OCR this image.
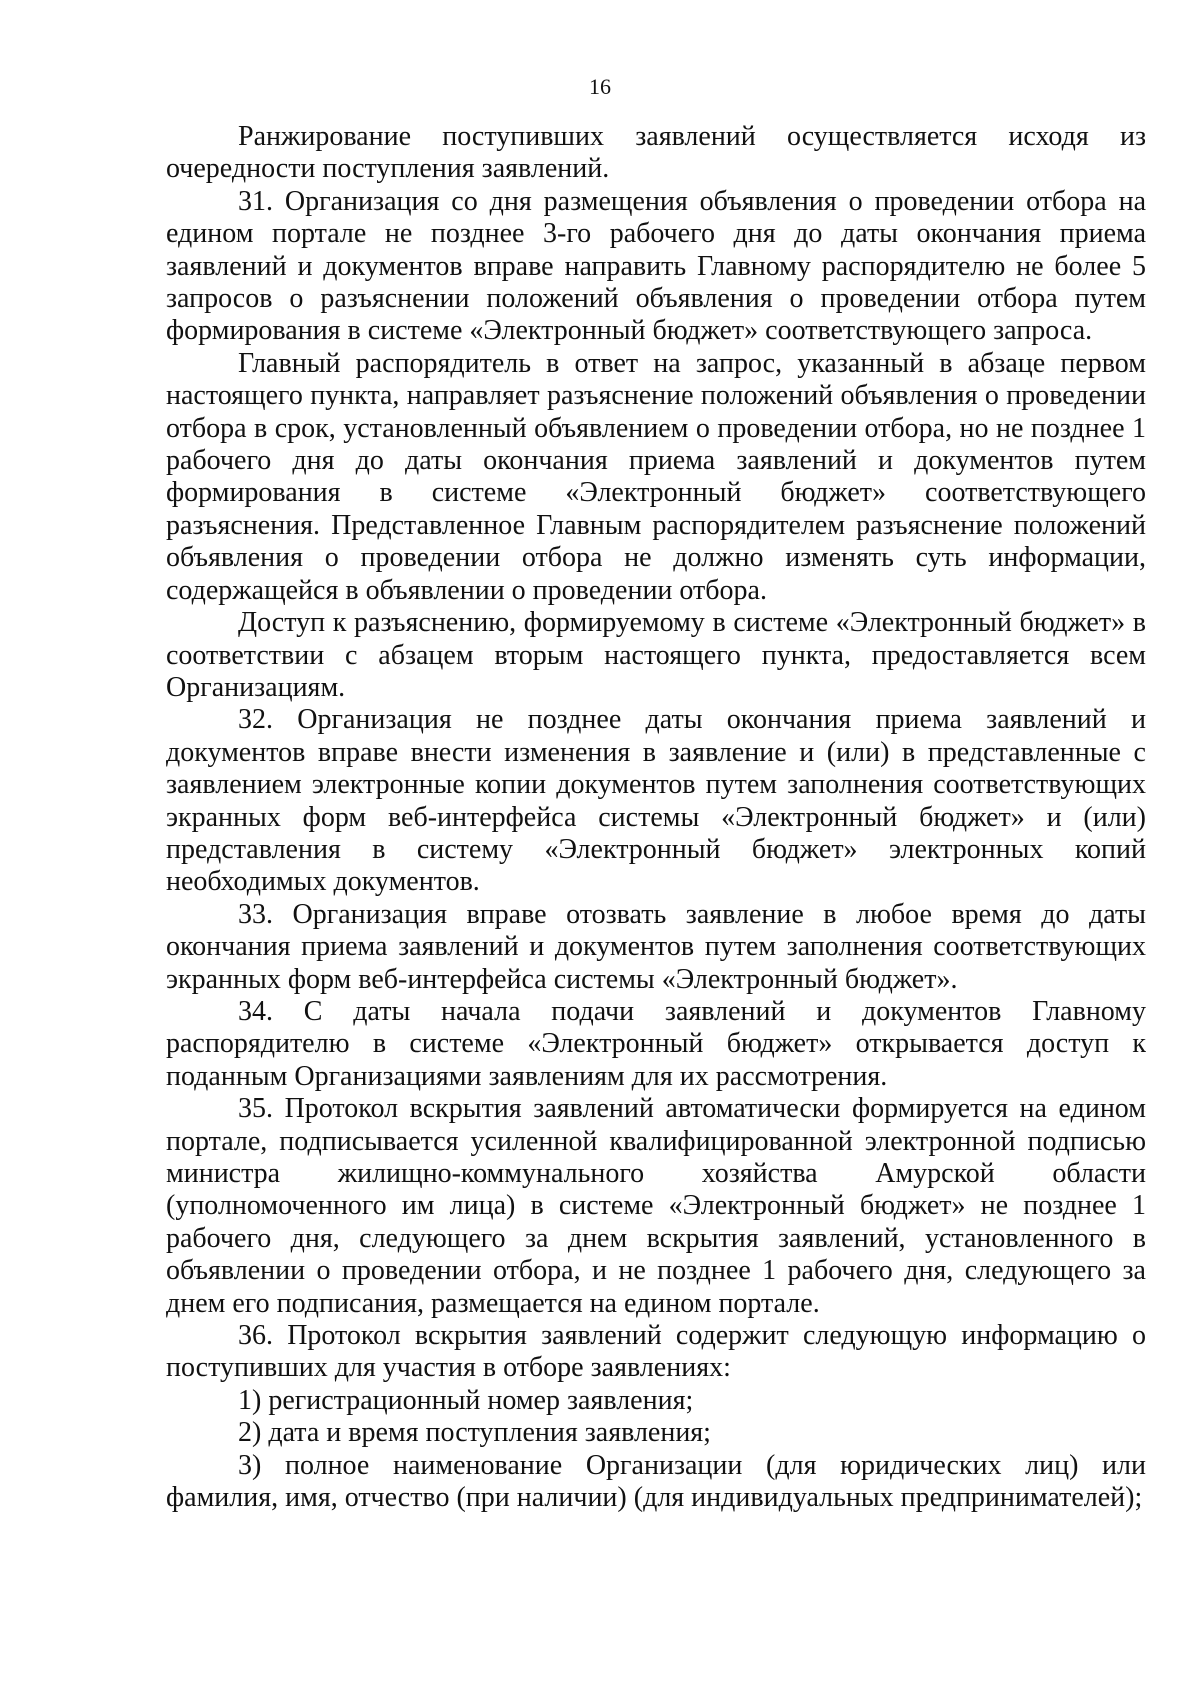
16

Ранжирование поступивших заявлений осуществляется исходя из очередности поступления заявлений.

31. Организация со дня размещения объявления о проведении отбора на едином портале не позднее 3-го рабочего дня до даты окончания приема заявлений и документов вправе направить Главному распорядителю не более 5 запросов о разъяснении положений объявления о проведении отбора путем формирования в системе «Электронный бюджет» соответствующего запроса.

Главный распорядитель в ответ на запрос, указанный в абзаце первом настоящего пункта, направляет разъяснение положений объявления о проведении отбора в срок, установленный объявлением о проведении отбора, но не позднее 1 рабочего дня до даты окончания приема заявлений и документов путем формирования в системе «Электронный бюджет» соответствующего разъяснения. Представленное Главным распорядителем разъяснение положений объявления о проведении отбора не должно изменять суть информации, содержащейся в объявлении о проведении отбора.

Доступ к разъяснению, формируемому в системе «Электронный бюджет» в соответствии с абзацем вторым настоящего пункта, предоставляется всем Организациям.

32. Организация не позднее даты окончания приема заявлений и документов вправе внести изменения в заявление и (или) в представленные с заявлением электронные копии документов путем заполнения соответствующих экранных форм веб-интерфейса системы «Электронный бюджет» и (или) представления в систему «Электронный бюджет» электронных копий необходимых документов.

33. Организация вправе отозвать заявление в любое время до даты окончания приема заявлений и документов путем заполнения соответствующих экранных форм веб-интерфейса системы «Электронный бюджет».

34. С даты начала подачи заявлений и документов Главному распорядителю в системе «Электронный бюджет» открывается доступ к поданным Организациями заявлениям для их рассмотрения.

35. Протокол вскрытия заявлений автоматически формируется на едином портале, подписывается усиленной квалифицированной электронной подписью министра жилищно-коммунального хозяйства Амурской области (уполномоченного им лица) в системе «Электронный бюджет» не позднее 1 рабочего дня, следующего за днем вскрытия заявлений, установленного в объявлении о проведении отбора, и не позднее 1 рабочего дня, следующего за днем его подписания, размещается на едином портале.

36. Протокол вскрытия заявлений содержит следующую информацию о поступивших для участия в отборе заявлениях:

1) регистрационный номер заявления;

2) дата и время поступления заявления;

3) полное наименование Организации (для юридических лиц) или фамилия, имя, отчество (при наличии) (для индивидуальных предпринимателей);
